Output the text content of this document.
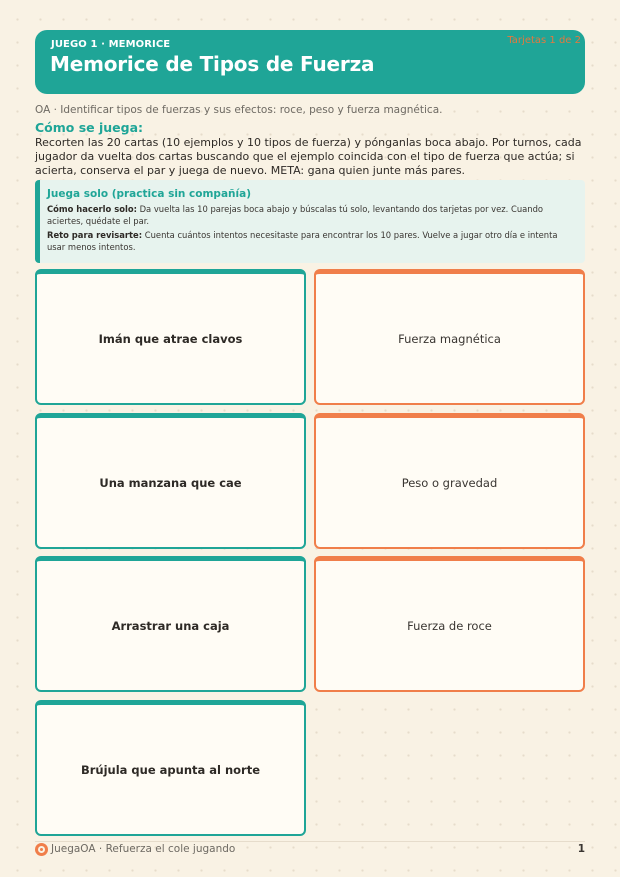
JUEGO 1 · MEMORICE	Tarjetas 1 de 2
Memorice de Tipos de Fuerza
OA · Identificar tipos de fuerzas y sus efectos: roce, peso y fuerza magnética.
Cómo se juega:
Recorten las 20 cartas (10 ejemplos y 10 tipos de fuerza) y pónganlas boca abajo. Por turnos, cada jugador da vuelta dos cartas buscando que el ejemplo coincida con el tipo de fuerza que actúa; si acierta, conserva el par y juega de nuevo. META: gana quien junte más pares.
Juega solo (practica sin compañía)
Cómo hacerlo solo: Da vuelta las 10 parejas boca abajo y búscalas tú solo, levantando dos tarjetas por vez. Cuando aciertes, quédate el par.
Reto para revisarte: Cuenta cuántos intentos necesitaste para encontrar los 10 pares. Vuelve a jugar otro día e intenta usar menos intentos.
Imán que atrae clavos	Fuerza magnética
Una manzana que cae	Peso o gravedad
Arrastrar una caja	Fuerza de roce
Brújula que apunta al norte
JuegaOA · Refuerza el cole jugando	1
